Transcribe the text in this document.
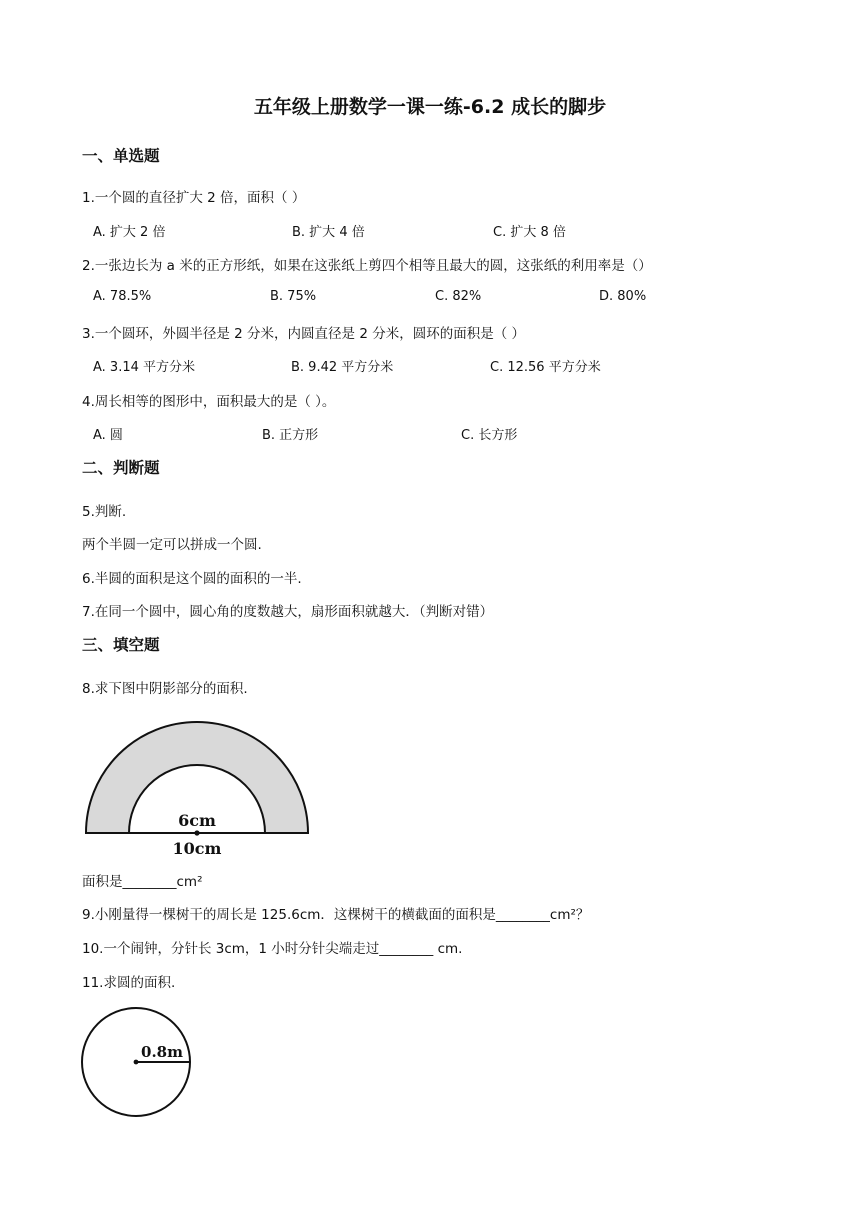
五年级上册数学一课一练-6.2 成长的脚步
一、单选题
1.一个圆的直径扩大 2 倍，面积（ ）
A. 扩大 2 倍	B. 扩大 4 倍	C. 扩大 8 倍
2.一张边长为 a 米的正方形纸，如果在这张纸上剪四个相等且最大的圆，这张纸的利用率是（）
A. 78.5%	B. 75%	C. 82%	D. 80%
3.一个圆环，外圆半径是 2 分米，内圆直径是 2 分米，圆环的面积是（ ）
A. 3.14 平方分米	B. 9.42 平方分米	C. 12.56 平方分米
4.周长相等的图形中，面积最大的是（ ）。
A. 圆	B. 正方形	C. 长方形
二、判断题
5.判断.
两个半圆一定可以拼成一个圆.
6.半圆的面积是这个圆的面积的一半.
7.在同一个圆中，圆心角的度数越大，扇形面积就越大．（判断对错）
三、填空题
8.求下图中阴影部分的面积.
6cm
10cm
面积是________cm²
9.小刚量得一棵树干的周长是 125.6cm．这棵树干的横截面的面积是________cm²？
10.一个闹钟，分针长 3cm，1 小时分针尖端走过________ cm.
11.求圆的面积.
0.8m
